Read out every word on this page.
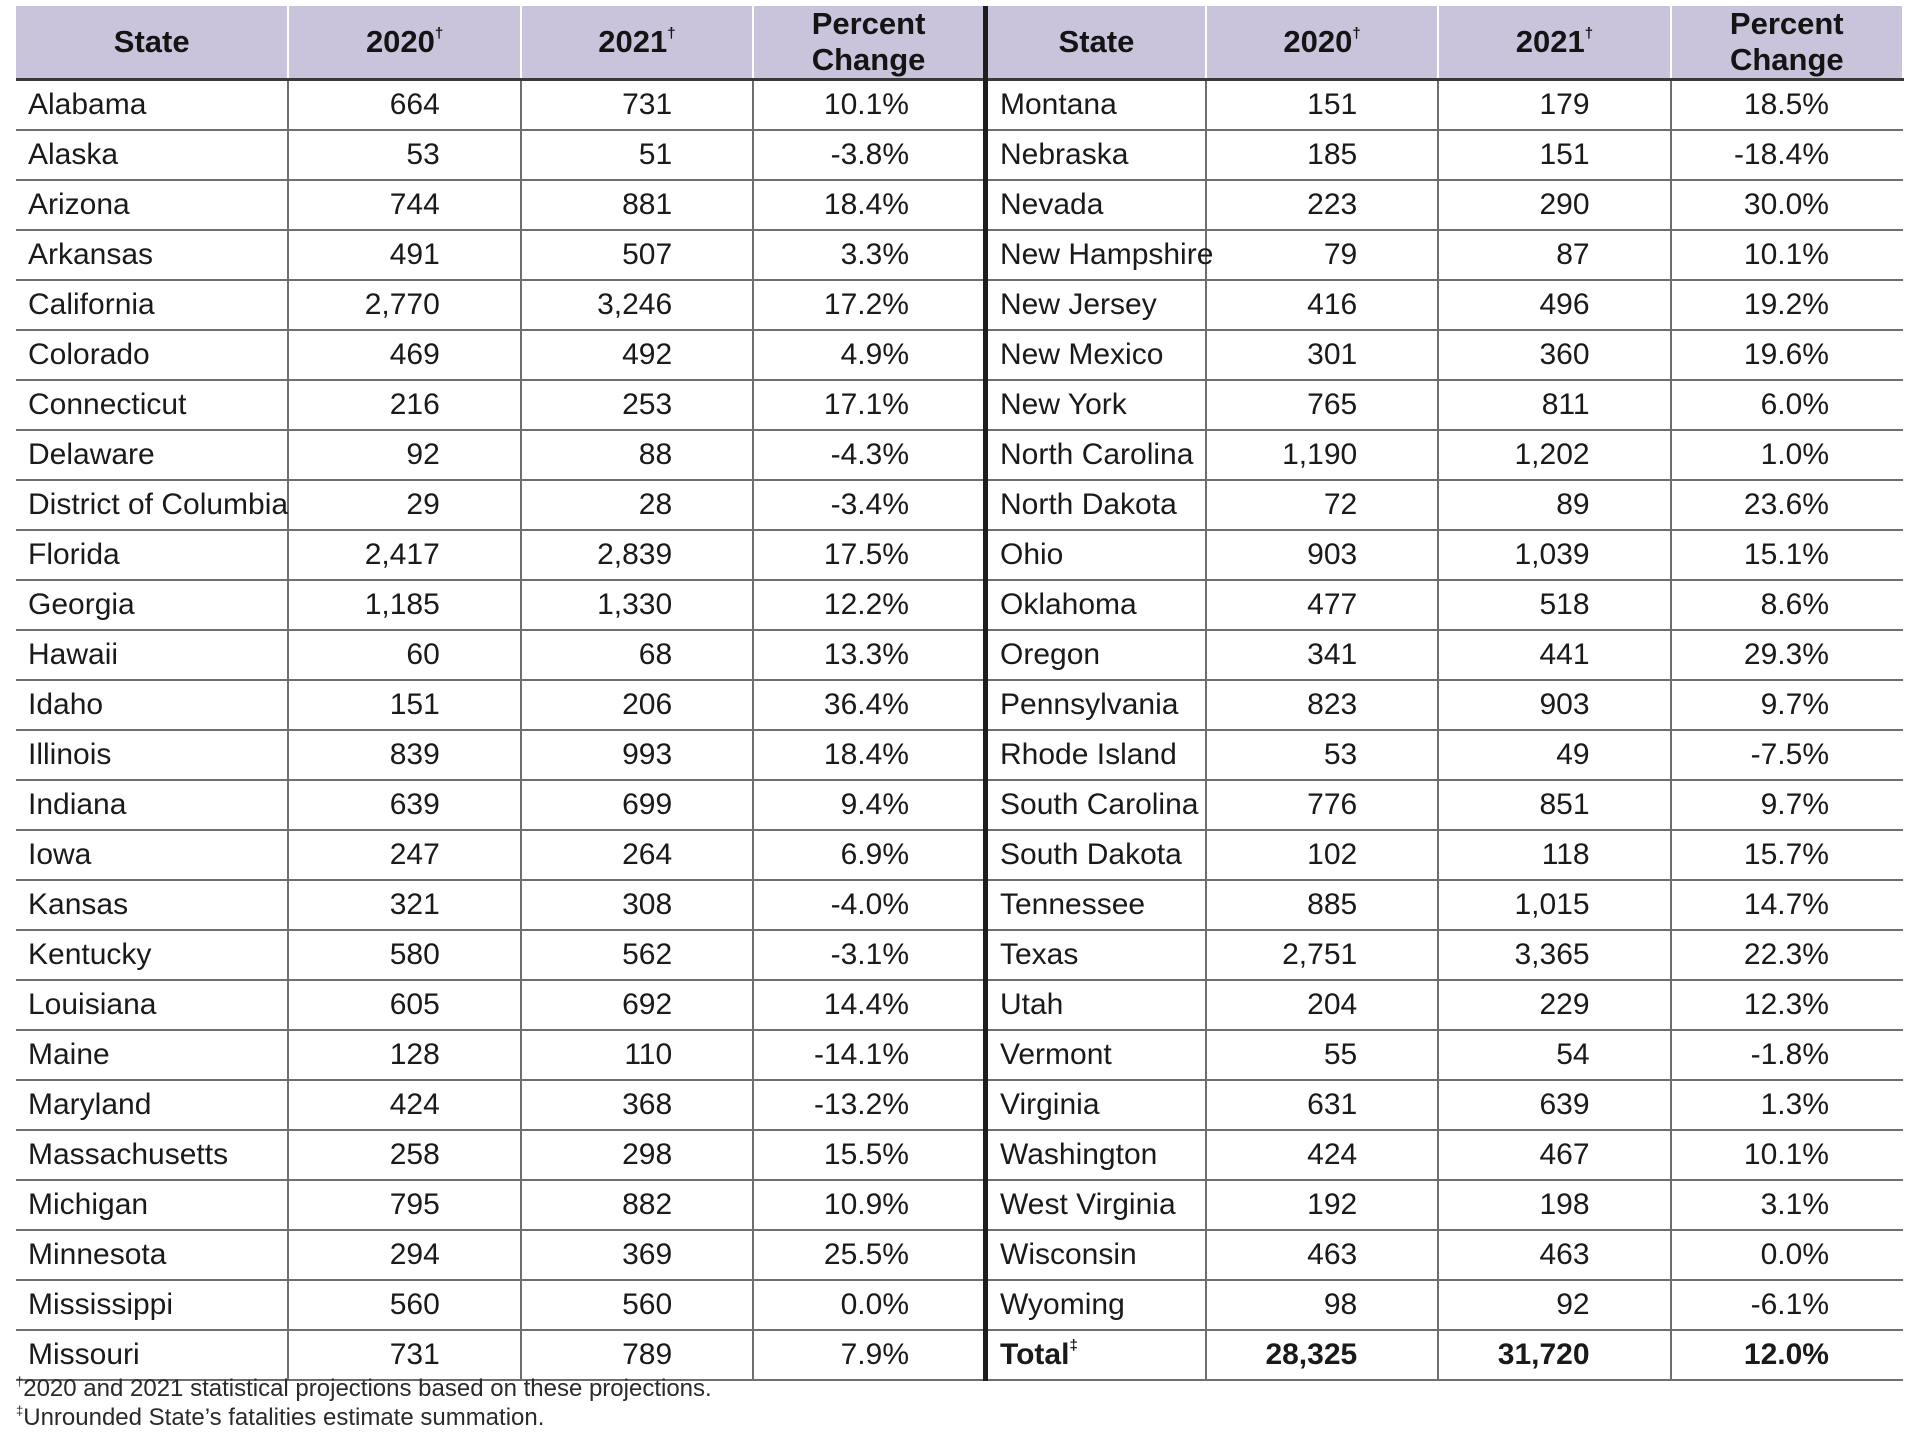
State	2020†	2021†	Percent Change	State	2020†	2021†	Percent Change
Alabama	664	731	10.1%	Montana	151	179	18.5%
Alaska	53	51	-3.8%	Nebraska	185	151	-18.4%
Arizona	744	881	18.4%	Nevada	223	290	30.0%
Arkansas	491	507	3.3%	New Hampshire	79	87	10.1%
California	2,770	3,246	17.2%	New Jersey	416	496	19.2%
Colorado	469	492	4.9%	New Mexico	301	360	19.6%
Connecticut	216	253	17.1%	New York	765	811	6.0%
Delaware	92	88	-4.3%	North Carolina	1,190	1,202	1.0%
District of Columbia	29	28	-3.4%	North Dakota	72	89	23.6%
Florida	2,417	2,839	17.5%	Ohio	903	1,039	15.1%
Georgia	1,185	1,330	12.2%	Oklahoma	477	518	8.6%
Hawaii	60	68	13.3%	Oregon	341	441	29.3%
Idaho	151	206	36.4%	Pennsylvania	823	903	9.7%
Illinois	839	993	18.4%	Rhode Island	53	49	-7.5%
Indiana	639	699	9.4%	South Carolina	776	851	9.7%
Iowa	247	264	6.9%	South Dakota	102	118	15.7%
Kansas	321	308	-4.0%	Tennessee	885	1,015	14.7%
Kentucky	580	562	-3.1%	Texas	2,751	3,365	22.3%
Louisiana	605	692	14.4%	Utah	204	229	12.3%
Maine	128	110	-14.1%	Vermont	55	54	-1.8%
Maryland	424	368	-13.2%	Virginia	631	639	1.3%
Massachusetts	258	298	15.5%	Washington	424	467	10.1%
Michigan	795	882	10.9%	West Virginia	192	198	3.1%
Minnesota	294	369	25.5%	Wisconsin	463	463	0.0%
Mississippi	560	560	0.0%	Wyoming	98	92	-6.1%
Missouri	731	789	7.9%	Total‡	28,325	31,720	12.0%
†2020 and 2021 statistical projections based on these projections.
‡Unrounded State’s fatalities estimate summation.
